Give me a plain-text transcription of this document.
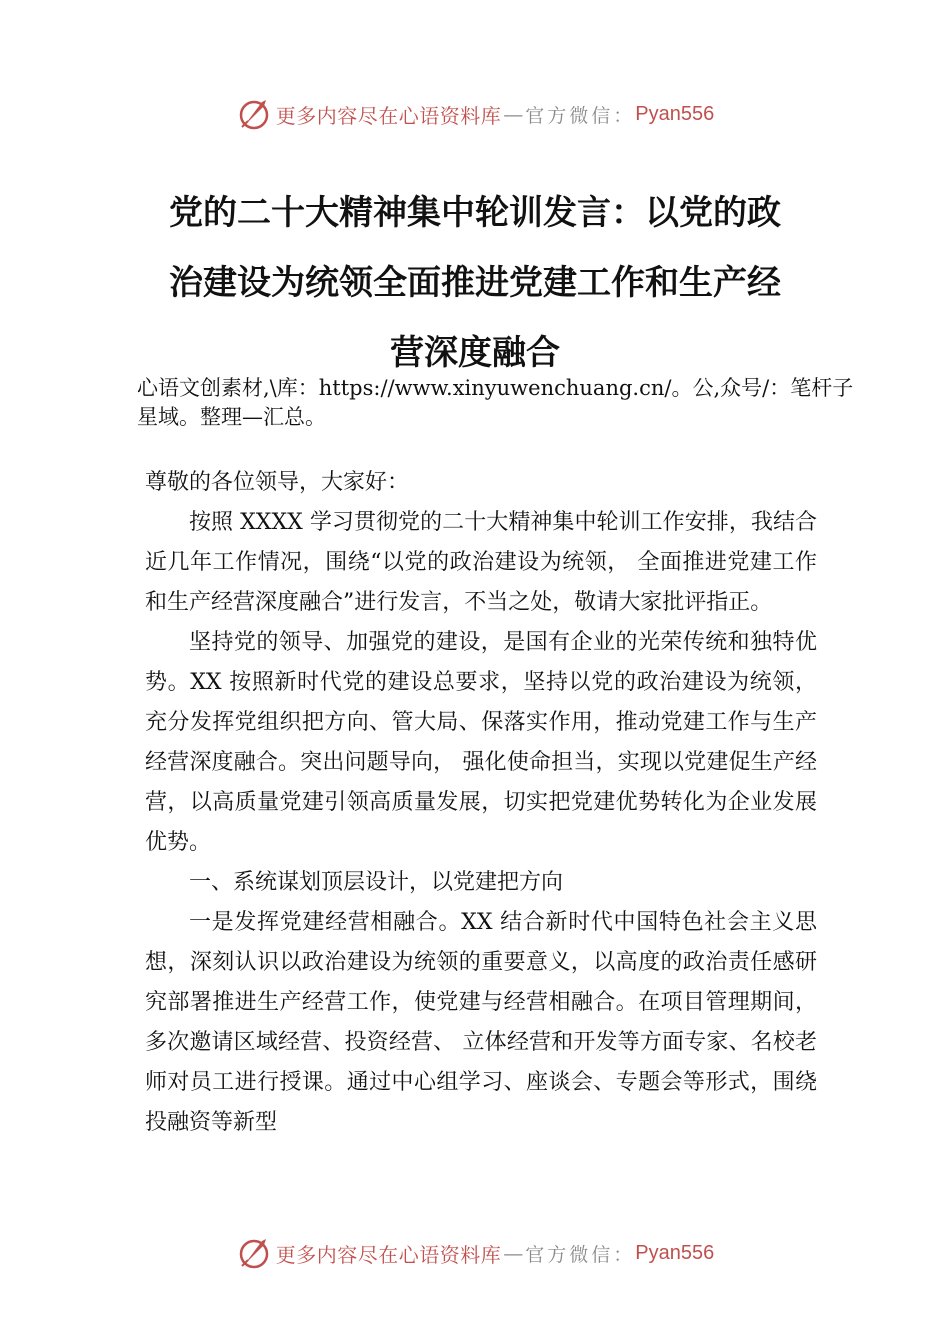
更多内容尽在心语资料库 — 官方微信： Pyan556
党的二十大精神集中轮训发言：以党的政
治建设为统领全面推进党建工作和生产经
营深度融合

心语文创素材,\库：https://www.xinyuwenchuang.cn/。公,众号/：笔杆子星域。整理—汇总。

尊敬的各位领导，大家好：

按照 XXXX 学习贯彻党的二十大精神集中轮训工作安排，我结合近几年工作情况，围绕“以党的政治建设为统领， 全面推进党建工作和生产经营深度融合”进行发言，不当之处，敬请大家批评指正。

坚持党的领导、加强党的建设，是国有企业的光荣传统和独特优势。XX 按照新时代党的建设总要求，坚持以党的政治建设为统领，充分发挥党组织把方向、管大局、保落实作用，推动党建工作与生产经营深度融合。突出问题导向， 强化使命担当，实现以党建促生产经营，以高质量党建引领高质量发展，切实把党建优势转化为企业发展优势。

一、系统谋划顶层设计，以党建把方向

一是发挥党建经营相融合。XX 结合新时代中国特色社会主义思想，深刻认识以政治建设为统领的重要意义，以高度的政治责任感研究部署推进生产经营工作，使党建与经营相融合。在项目管理期间，多次邀请区域经营、投资经营、 立体经营和开发等方面专家、名校老师对员工进行授课。通过中心组学习、座谈会、专题会等形式，围绕投融资等新型

更多内容尽在心语资料库 — 官方微信： Pyan556
